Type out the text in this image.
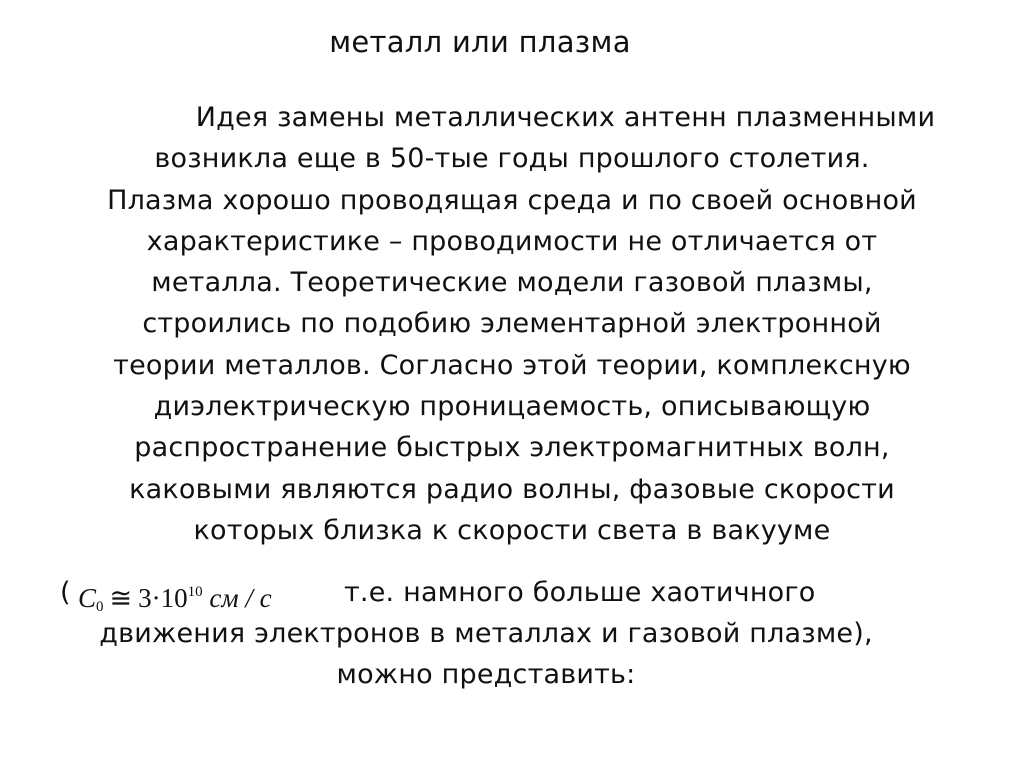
металл или плазма
Идея замены металлических антенн плазменными
возникла еще в 50-тые годы прошлого столетия.
Плазма хорошо проводящая среда и по своей основной
характеристике – проводимости не отличается от
металла. Теоретические модели газовой плазмы,
строились по подобию элементарной электронной
теории металлов. Согласно этой теории, комплексную
диэлектрическую проницаемость, описывающую
распространение быстрых электромагнитных волн,
каковыми являются радио волны, фазовые скорости
которых близка к скорости света в вакууме
( $C_0$ ≅ $3\cdot 10^{10}$ см / с	т.е. намного больше хаотичного
движения электронов в металлах и газовой плазме),
можно представить:
